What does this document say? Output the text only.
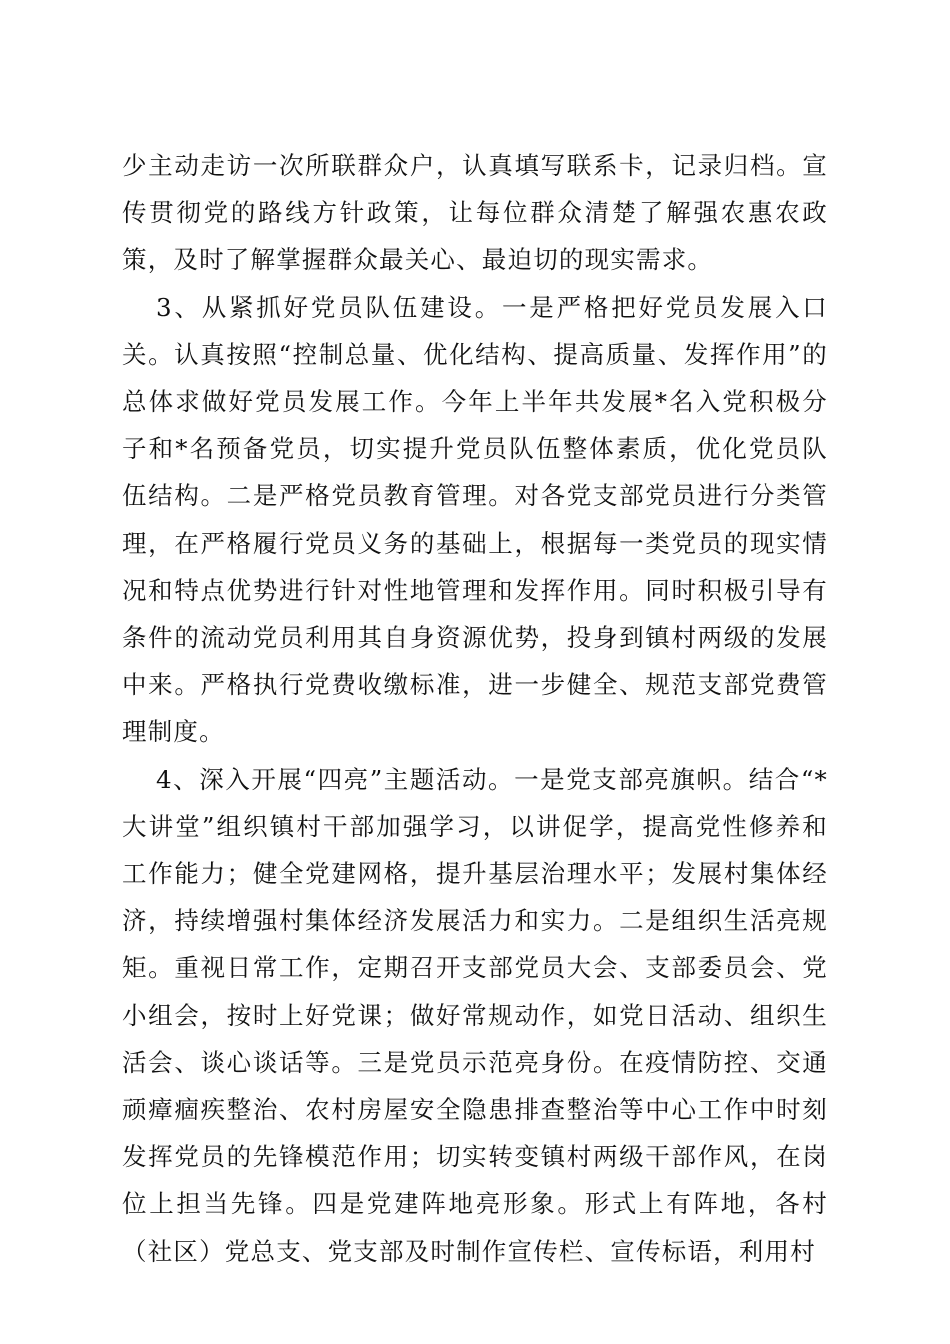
少主动走访一次所联群众户，认真填写联系卡，记录归档。宣传贯彻党的路线方针政策，让每位群众清楚了解强农惠农政策，及时了解掌握群众最关心、最迫切的现实需求。

3、从紧抓好党员队伍建设。一是严格把好党员发展入口关。认真按照“控制总量、优化结构、提高质量、发挥作用”的总体求做好党员发展工作。今年上半年共发展*名入党积极分子和*名预备党员，切实提升党员队伍整体素质，优化党员队伍结构。二是严格党员教育管理。对各党支部党员进行分类管理，在严格履行党员义务的基础上，根据每一类党员的现实情况和特点优势进行针对性地管理和发挥作用。同时积极引导有条件的流动党员利用其自身资源优势，投身到镇村两级的发展中来。严格执行党费收缴标准，进一步健全、规范支部党费管理制度。

4、深入开展“四亮”主题活动。一是党支部亮旗帜。结合“*大讲堂”组织镇村干部加强学习，以讲促学，提高党性修养和工作能力；健全党建网格，提升基层治理水平；发展村集体经济，持续增强村集体经济发展活力和实力。二是组织生活亮规矩。重视日常工作，定期召开支部党员大会、支部委员会、党小组会，按时上好党课；做好常规动作，如党日活动、组织生活会、谈心谈话等。三是党员示范亮身份。在疫情防控、交通顽瘴痼疾整治、农村房屋安全隐患排查整治等中心工作中时刻发挥党员的先锋模范作用；切实转变镇村两级干部作风，在岗位上担当先锋。四是党建阵地亮形象。形式上有阵地，各村（社区）党总支、党支部及时制作宣传栏、宣传标语，利用村
